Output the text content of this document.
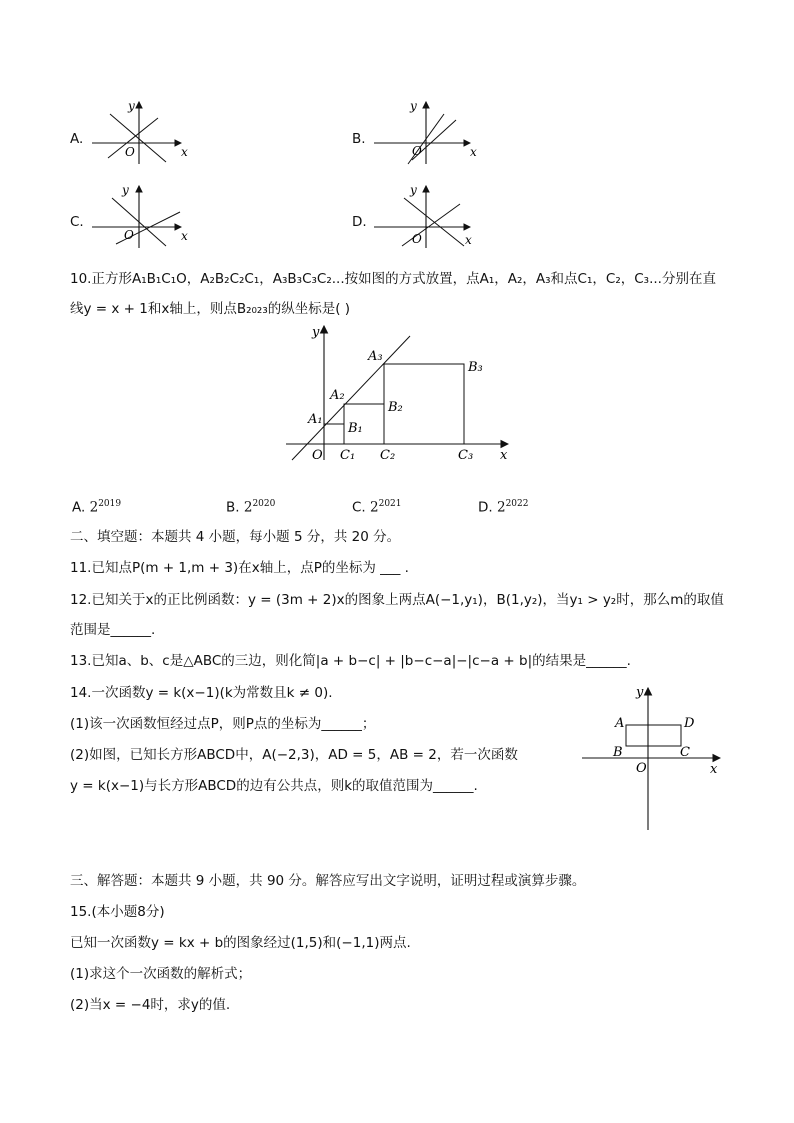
A.
y
x
O
B.
y
x
O
C.
y
x
O
D.
y
x
O
10.正方形A₁B₁C₁O，A₂B₂C₂C₁，A₃B₃C₃C₂...按如图的方式放置，点A₁，A₂，A₃和点C₁，C₂，C₃...分别在直
线y = x + 1和x轴上，则点B₂₀₂₃的纵坐标是( )
y
x
O
A₁
A₂
A₃
B₁
B₂
B₃
C₁ C₂	C₃
A. $2^{2019}$	B. $2^{2020}$	C. $2^{2021}$	D. $2^{2022}$
二、填空题：本题共 4 小题，每小题 5 分，共 20 分。
11.已知点P(m + 1,m + 3)在x轴上，点P的坐标为 ___ .
12.已知关于x的正比例函数：y = (3m + 2)x的图象上两点A(−1,y₁)，B(1,y₂)，当y₁ > y₂时，那么m的取值
范围是______.
13.已知a、b、c是△ABC的三边，则化简|a + b−c| + |b−c−a|−|c−a + b|的结果是______.
14.一次函数y = k(x−1)(k为常数且k ≠ 0).
(1)该一次函数恒经过点P，则P点的坐标为______；
(2)如图，已知长方形ABCD中，A(−2,3)，AD = 5，AB = 2，若一次函数
y = k(x−1)与长方形ABCD的边有公共点，则k的取值范围为______.
y
x
O
A	D
B	C
三、解答题：本题共 9 小题，共 90 分。解答应写出文字说明，证明过程或演算步骤。
15.(本小题8分)
已知一次函数y = kx + b的图象经过(1,5)和(−1,1)两点.
(1)求这个一次函数的解析式；
(2)当x = −4时，求y的值.
